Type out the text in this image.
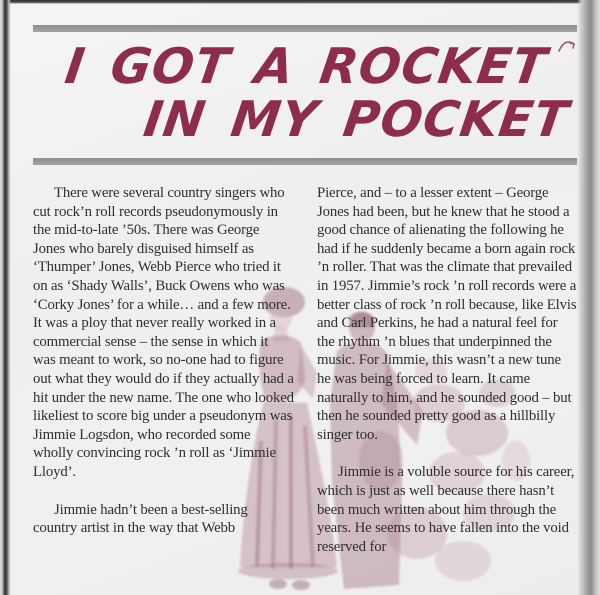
I GOT A ROCKET
IN MY POCKET

There were several country singers who cut rock’n roll records pseudonymously in the mid-to-late ’50s. There was George Jones who barely disguised himself as ‘Thumper’ Jones, Webb Pierce who tried it on as ‘Shady Walls’, Buck Owens who was ‘Corky Jones’ for a while… and a few more. It was a ploy that never really worked in a commercial sense – the sense in which it was meant to work, so no-one had to figure out what they would do if they actually had a hit under the new name. The one who looked likeliest to score big under a pseudonym was Jimmie Logsdon, who recorded some wholly convincing rock ’n roll as ‘Jimmie Lloyd’.

Jimmie hadn’t been a best-selling country artist in the way that Webb

Pierce, and – to a lesser extent – George Jones had been, but he knew that he stood a good chance of alienating the following he had if he suddenly became a born again rock ’n roller. That was the climate that prevailed in 1957. Jimmie’s rock ’n roll records were a better class of rock ’n roll because, like Elvis and Carl Perkins, he had a natural feel for the rhythm ’n blues that underpinned the music. For Jimmie, this wasn’t a new tune he was being forced to learn. It came naturally to him, and he sounded good – but then he sounded pretty good as a hillbilly singer too.

Jimmie is a voluble source for his career, which is just as well because there hasn’t been much written about him through the years. He seems to have fallen into the void reserved for
